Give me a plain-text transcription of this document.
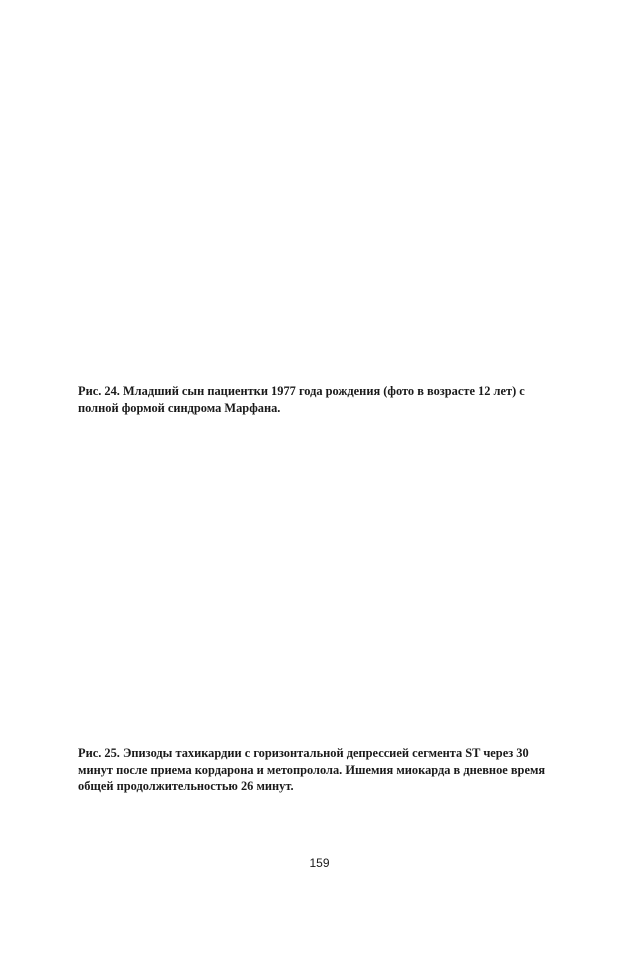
Рис. 24. Младший сын пациентки 1977 года рождения (фото в возрасте 12 лет) с
полной формой синдрома Марфана.
Рис. 25. Эпизоды тахикардии с горизонтальной депрессией сегмента ST через 30
минут после приема кордарона и метопролола. Ишемия миокарда в дневное время
общей продолжительностью 26 минут.
159
